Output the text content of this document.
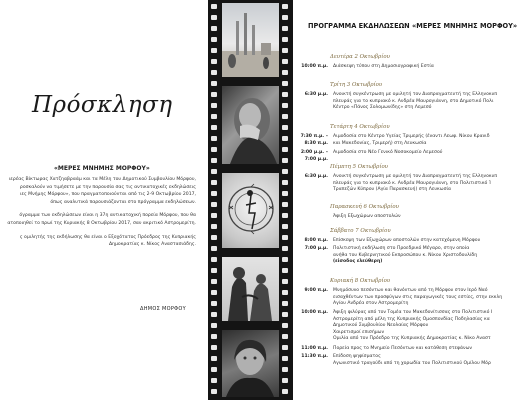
Πρόσκληση
«ΜΕΡΕΣ ΜΝΗΜΗΣ ΜΟΡΦΟΥ»

ιερέας Βίκτωρας Χατζηαβραάμ και τα Μέλη του Δημοτικού Συμβουλίου Μόρφου,
ροσκαλούν να τιμήσετε με την παρουσία σας τις αντικατοχικές εκδηλώσεις
ιες Μνήμης Μόρφου», που πραγματοποιούνται από τις 2-9 Οκτωβρίου 2017,
όπως αναλυτικά παρουσιάζονται στο πρόγραμμα εκδηλώσεων.

όγραμμα των εκδηλώσεων είναι η 37η αντικατοχική πορεία Μόρφου, που θα
ατοποιηθεί το πρωί της Κυριακής 8 Οκτωβρίου 2017, σαν ακριτικό Αστρομερίτη.

ς ομιλητής της εκδήλωσης θα είναι ο Εξοχότατος Πρόεδρος της Κυπριακής
Δημοκρατίας κ. Νίκος Αναστασιάδης.

ΔΗΜΟΣ ΜΟΡΦΟΥ
ΠΡΟΓΡΑΜΜΑ ΕΚΔΗΛΩΣΕΩΝ «ΜΕΡΕΣ ΜΝΗΜΗΣ ΜΟΡΦΟΥ»
Δευτέρα 2 Οκτωβρίου
10:00 π.μ. Διάσκεψη τύπου στη Δημοσιογραφική Εστία
Τρίτη 3 Οκτωβρίου
6:30 μ.μ. Ανοικτή συγκέντρωση με ομιλητή τον Διαπραγματευτή της Ελληνοκυπ
πλευράς για το κυπριακό κ. Ανδρέα Μαυρογιάννη, στο Δημοτικό Πολι
Κέντρο «Πάνος Σολομωνίδης» στη Λεμεσό
Τετάρτη 4 Οκτωβρίου
7:30 π.μ. – 8:30 π.μ.
Αιμοδοσία στο Κέντρο Υγείας Τριμερής (έναντι Λεωφ. Νίκου Κρανιδ
και Μακεδονίας, Τριμερή) στη Λευκωσία
2:00 μ.μ. – 7:00 μ.μ.
Αιμοδοσία στο Νέο Γενικό Νοσοκομείο Λεμεσού
Πέμπτη 5 Οκτωβρίου
6:30 μ.μ. Ανοικτή συγκέντρωση με ομιλητή τον Διαπραγματευτή της Ελληνοκυπ
πλευράς για το κυπριακό κ. Ανδρέα Μαυρογιάννη, στο Πολιτιστικό Ί
Τραπεζών Κύπρου (Αγία Παρασκευή) στη Λευκωσία
Παρασκευή 6 Οκτωβρίου
Άφιξη Εξωχώρων αποστολών
Σάββατο 7 Οκτωβρίου
8:00 π.μ. Επίσκεψη των Εξωχώρων αποστολών στην κατεχόμενη Μόρφου
7:00 μ.μ. Πολιτιστική εκδήλωση στο Προεδρικό Μέγαρο, στην οποία
ανήθα του Κυβερνητικού Εκπροσώπου κ. Νίκου Χριστοδουλίδη
(είσοδος ελεύθερη)
Κυριακή 8 Οκτωβρίου
9:00 π.μ. Μνημόσυνο πεσόντων και θανόντων από τη Μόρφου στον Ιερό Ναό
εισαχθέντων των προσφύγων στις παραγωγικές τους εστίες, στην εκκλη
Αγίου Ανδρέα στον Αστρομερίτη
10:00 π.μ. Άφιξη φιλύρας από τον Τομέα του Μακεδονίτισσας στο Πολιτιστικό Ι
Αστρομερίτη από μέλη της Κυπριακής Ομοσπονδίας Ποδηλασίας κα
Δημοτικού Συμβουλίου Νεολαίας Μόρφου
Χαιρετισμοί επισήμων
Ομιλία από τον Πρόεδρο της Κυπριακής Δημοκρατίας κ. Νίκο Αναστ
11:00 π.μ. Πορεία προς το Μνημείο Πεσόντων και κατάθεση στεφάνων
11:30 π.μ. Επίδοση ψηφίσματος
Αγωνιστικό τραγούδι από τη χορωδία του Πολιτιστικού Ομίλου Μόρ
